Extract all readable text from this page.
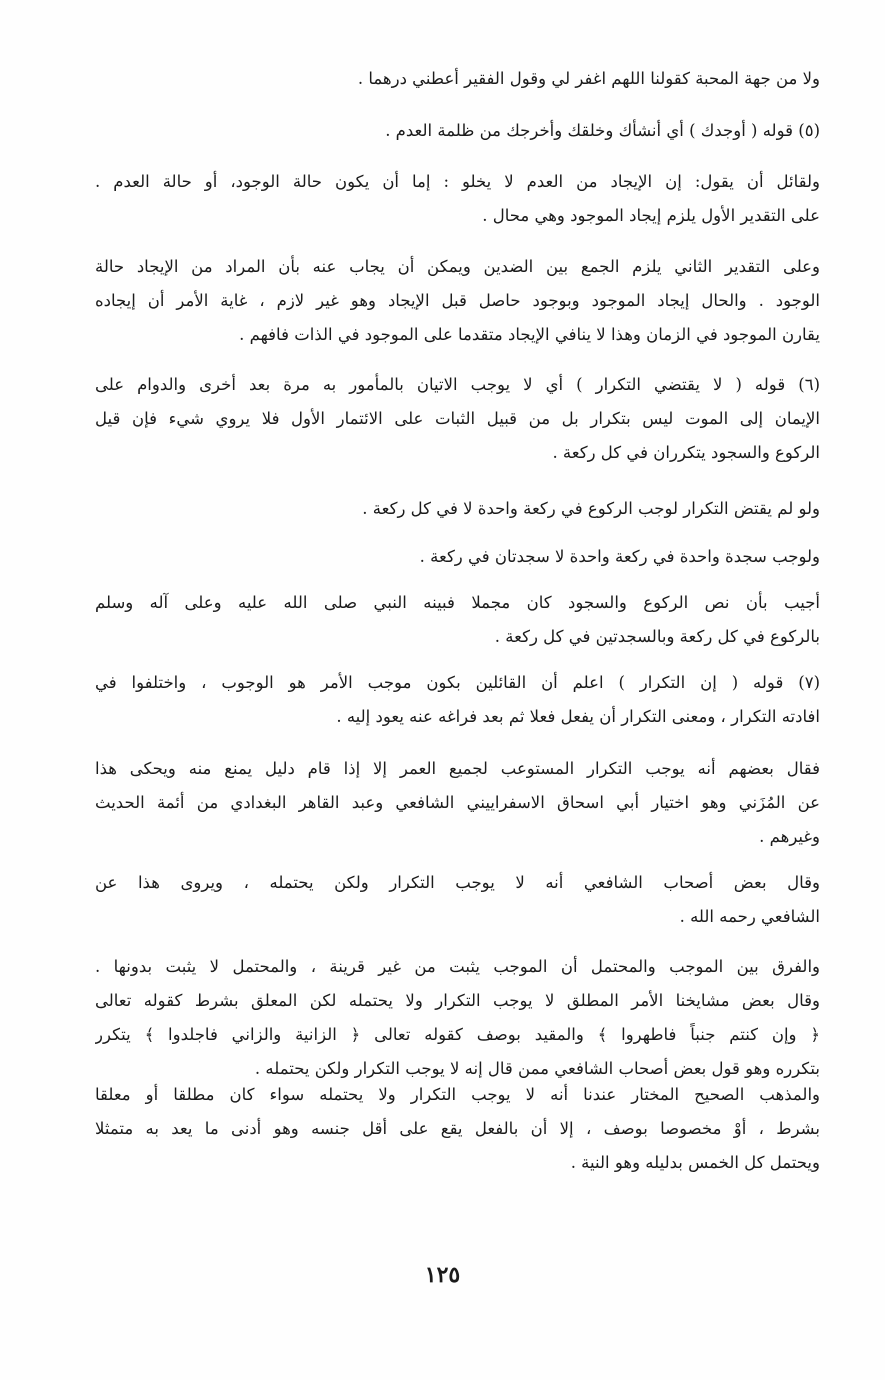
ولا من جهة المحبة كقولنا اللهم اغفر لي وقول الفقير أعطني درهما .
(٥) قوله ( أوجدك ) أي أنشأك وخلقك وأخرجك من ظلمة العدم .
ولقائل أن يقول: إن الإيجاد من العدم لا يخلو : إما أن يكون حالة الوجود، أو حالة العدم .
على التقدير الأول يلزم إيجاد الموجود وهي محال .
وعلى التقدير الثاني يلزم الجمع بين الضدين ويمكن أن يجاب عنه بأن المراد من الإيجاد حالة
الوجود . والحال إيجاد الموجود وبوجود حاصل قبل الإيجاد وهو غير لازم ، غاية الأمر أن إيجاده
يقارن الموجود في الزمان وهذا لا ينافي الإيجاد متقدما على الموجود في الذات فافهم .
(٦) قوله ( لا يقتضي التكرار ) أي لا يوجب الاتيان بالمأمور به مرة بعد أخرى والدوام على
الإيمان إلى الموت ليس بتكرار بل من قبيل الثبات على الائتمار الأول فلا يروي شيء فإن قيل
الركوع والسجود يتكرران في كل ركعة .
ولو لم يقتض التكرار لوجب الركوع في ركعة واحدة لا في كل ركعة .
ولوجب سجدة واحدة في ركعة واحدة لا سجدتان في ركعة .
أجيب بأن نص الركوع والسجود كان مجملا فبينه النبي صلى الله عليه وعلى آله وسلم
بالركوع في كل ركعة وبالسجدتين في كل ركعة .
(٧) قوله ( إن التكرار ) اعلم أن القائلين بكون موجب الأمر هو الوجوب ، واختلفوا في
افادته التكرار ، ومعنى التكرار أن يفعل فعلا ثم بعد فراغه عنه يعود إليه .
فقال بعضهم أنه يوجب التكرار المستوعب لجميع العمر إلا إذا قام دليل يمنع منه ويحكى هذا
عن المُزَني وهو اختيار أبي اسحاق الاسفراييني الشافعي وعبد القاهر البغدادي من أئمة الحديث
وغيرهم .
وقال بعض أصحاب الشافعي أنه لا يوجب التكرار ولكن يحتمله ، ويروى هذا عن
الشافعي رحمه الله .
والفرق بين الموجب والمحتمل أن الموجب يثبت من غير قرينة ، والمحتمل لا يثبت بدونها .
وقال بعض مشايخنا الأمر المطلق لا يوجب التكرار ولا يحتمله لكن المعلق بشرط كقوله تعالى
﴿ وإن كنتم جنباً فاطهروا ﴾ والمقيد بوصف كقوله تعالى ﴿ الزانية والزاني فاجلدوا ﴾ يتكرر
بتكرره وهو قول بعض أصحاب الشافعي ممن قال إنه لا يوجب التكرار ولكن يحتمله .
والمذهب الصحيح المختار عندنا أنه لا يوجب التكرار ولا يحتمله سواء كان مطلقا أو معلقا
بشرط ، أوْ مخصوصا بوصف ، إلا أن بالفعل يقع على أقل جنسه وهو أدنى ما يعد به متمثلا
ويحتمل كل الخمس بدليله وهو النية .
١٢٥
